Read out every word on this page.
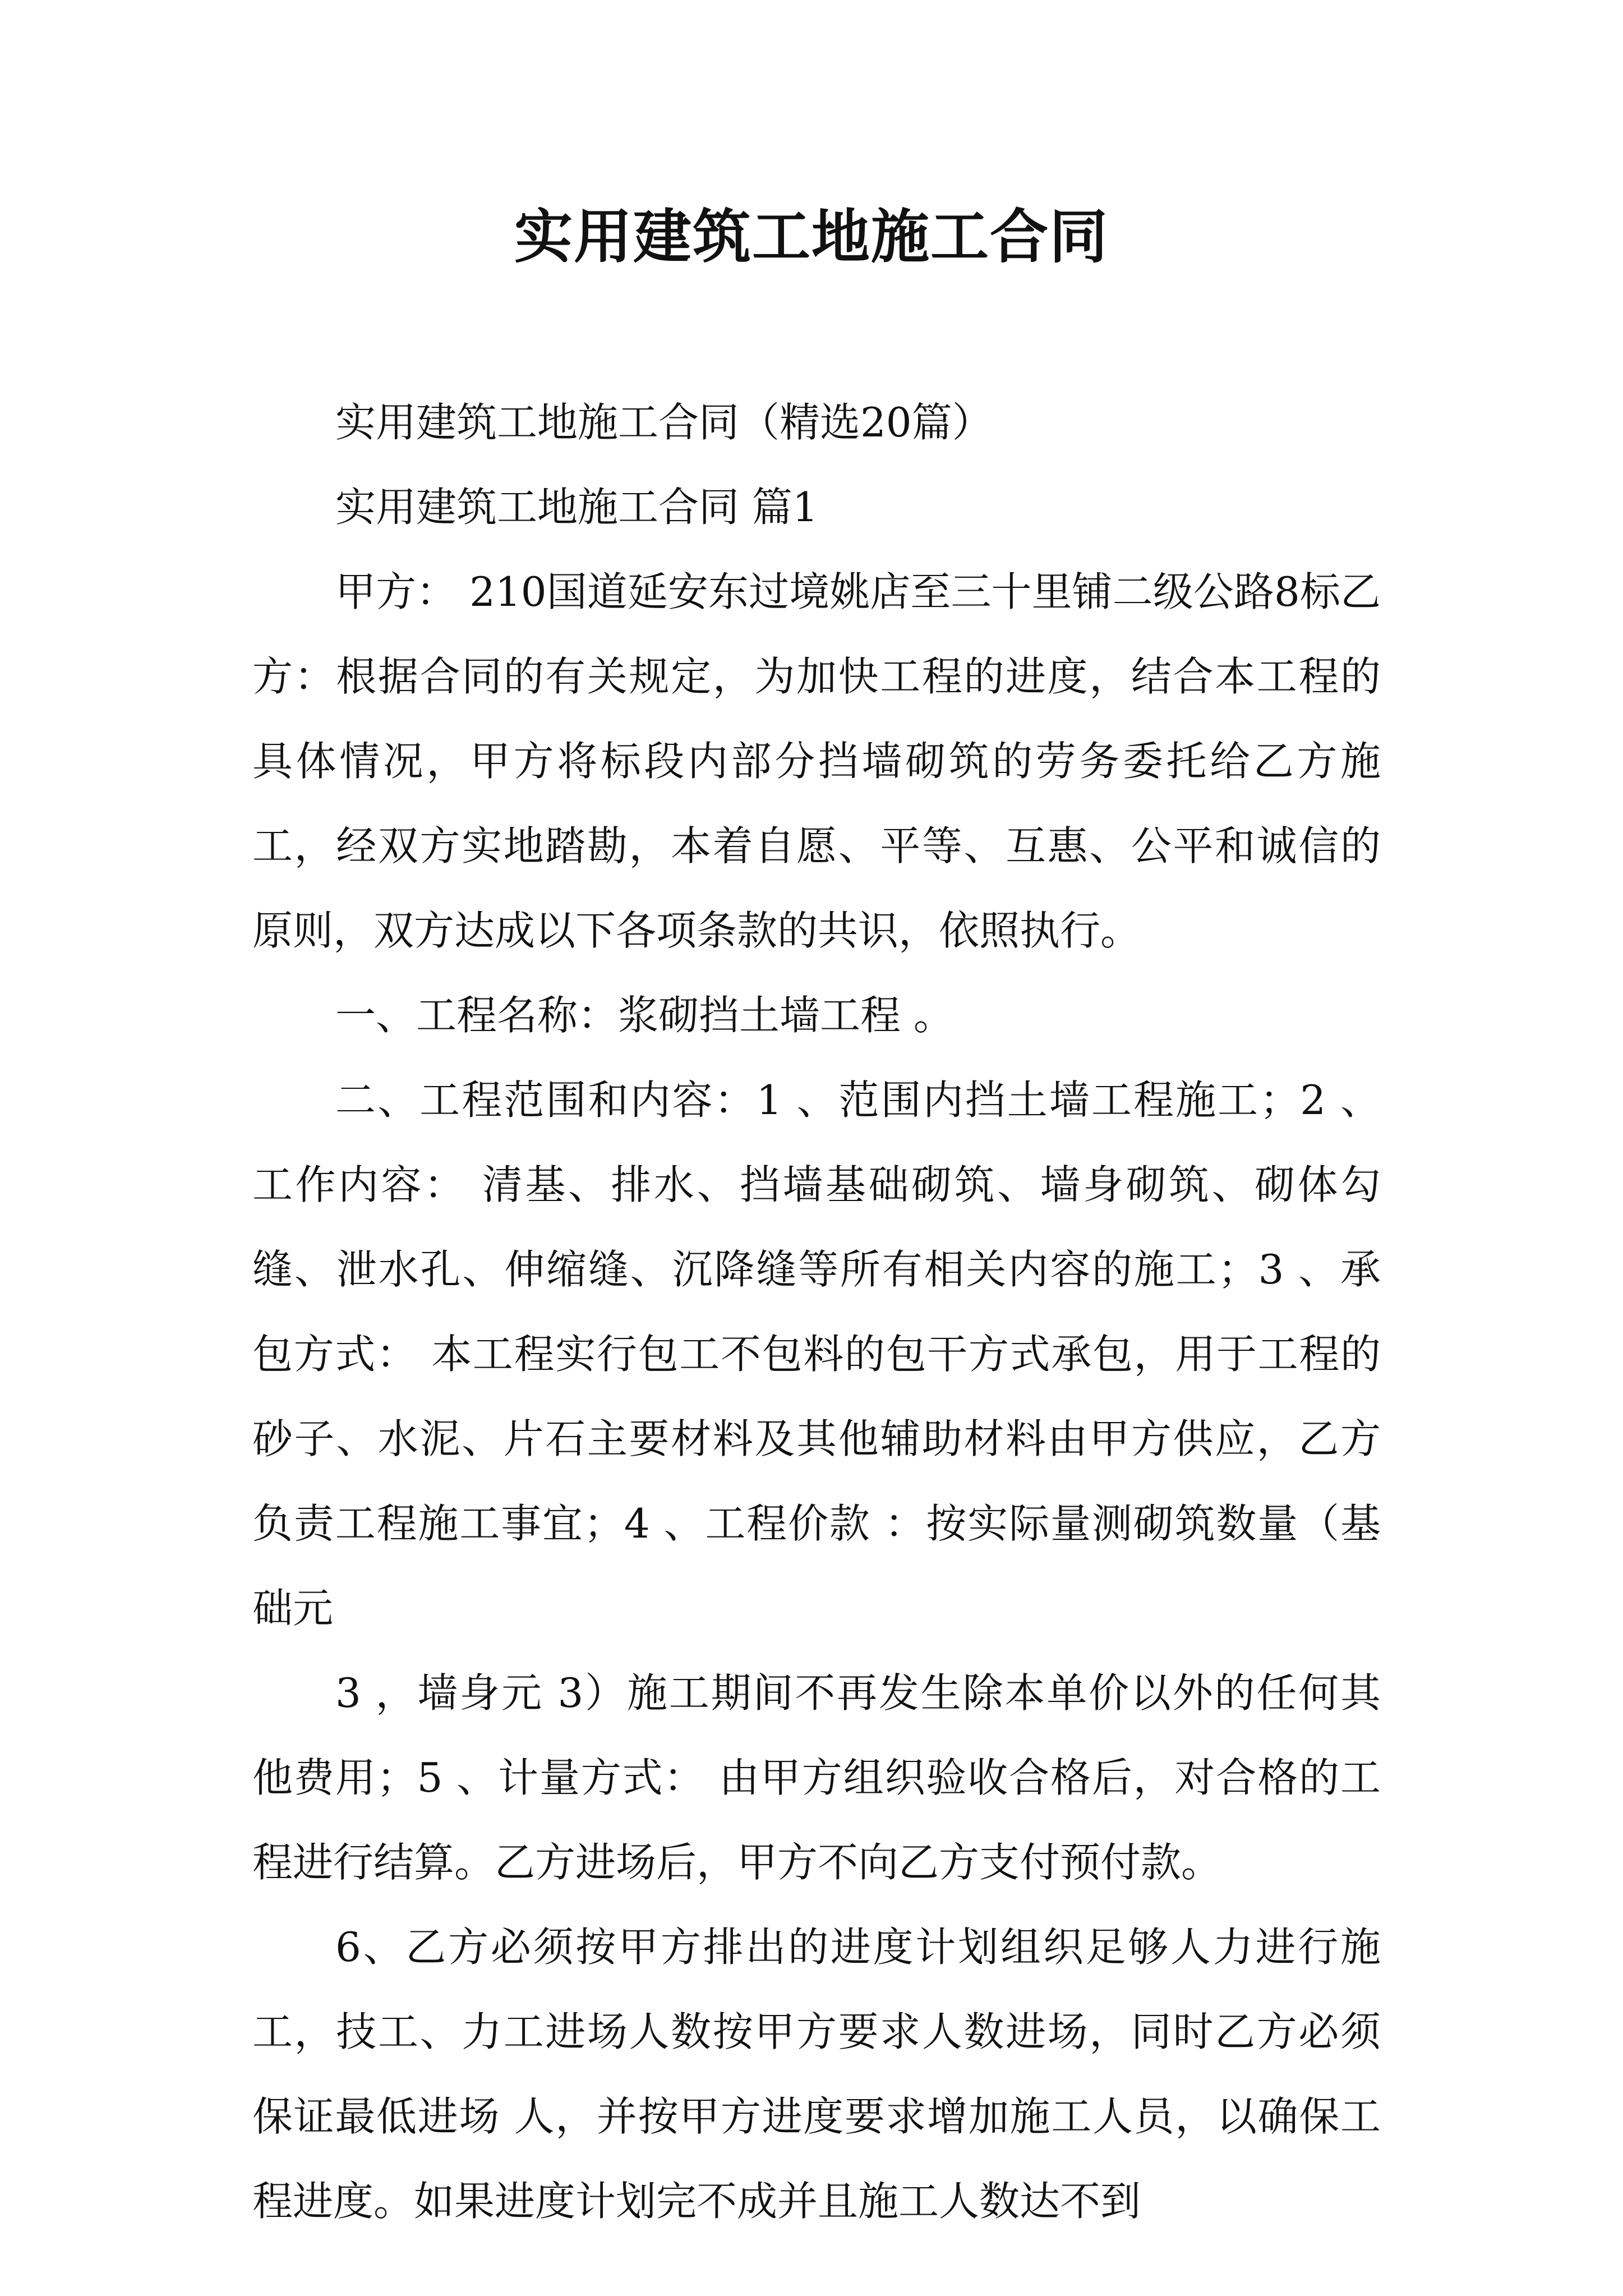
实用建筑工地施工合同

实用建筑工地施工合同（精选20篇）

实用建筑工地施工合同 篇1

甲方： 210国道延安东过境姚店至三十里铺二级公路8标乙方：根据合同的有关规定，为加快工程的进度，结合本工程的具体情况，甲方将标段内部分挡墙砌筑的劳务委托给乙方施工，经双方实地踏勘，本着自愿、平等、互惠、公平和诚信的原则，双方达成以下各项条款的共识，依照执行。

一、工程名称：浆砌挡土墙工程 。

二、工程范围和内容：1 、范围内挡土墙工程施工；2 、工作内容： 清基、排水、挡墙基础砌筑、墙身砌筑、砌体勾缝、泄水孔、伸缩缝、沉降缝等所有相关内容的施工；3 、承包方式： 本工程实行包工不包料的包干方式承包，用于工程的砂子、水泥、片石主要材料及其他辅助材料由甲方供应，乙方负责工程施工事宜；4 、工程价款 ：按实际量测砌筑数量（基础元

3 ，墙身元 3）施工期间不再发生除本单价以外的任何其他费用；5 、计量方式： 由甲方组织验收合格后，对合格的工程进行结算。乙方进场后，甲方不向乙方支付预付款。

6、乙方必须按甲方排出的进度计划组织足够人力进行施工，技工、力工进场人数按甲方要求人数进场，同时乙方必须保证最低进场 人，并按甲方进度要求增加施工人员，以确保工程进度。如果进度计划完不成并且施工人数达不到
